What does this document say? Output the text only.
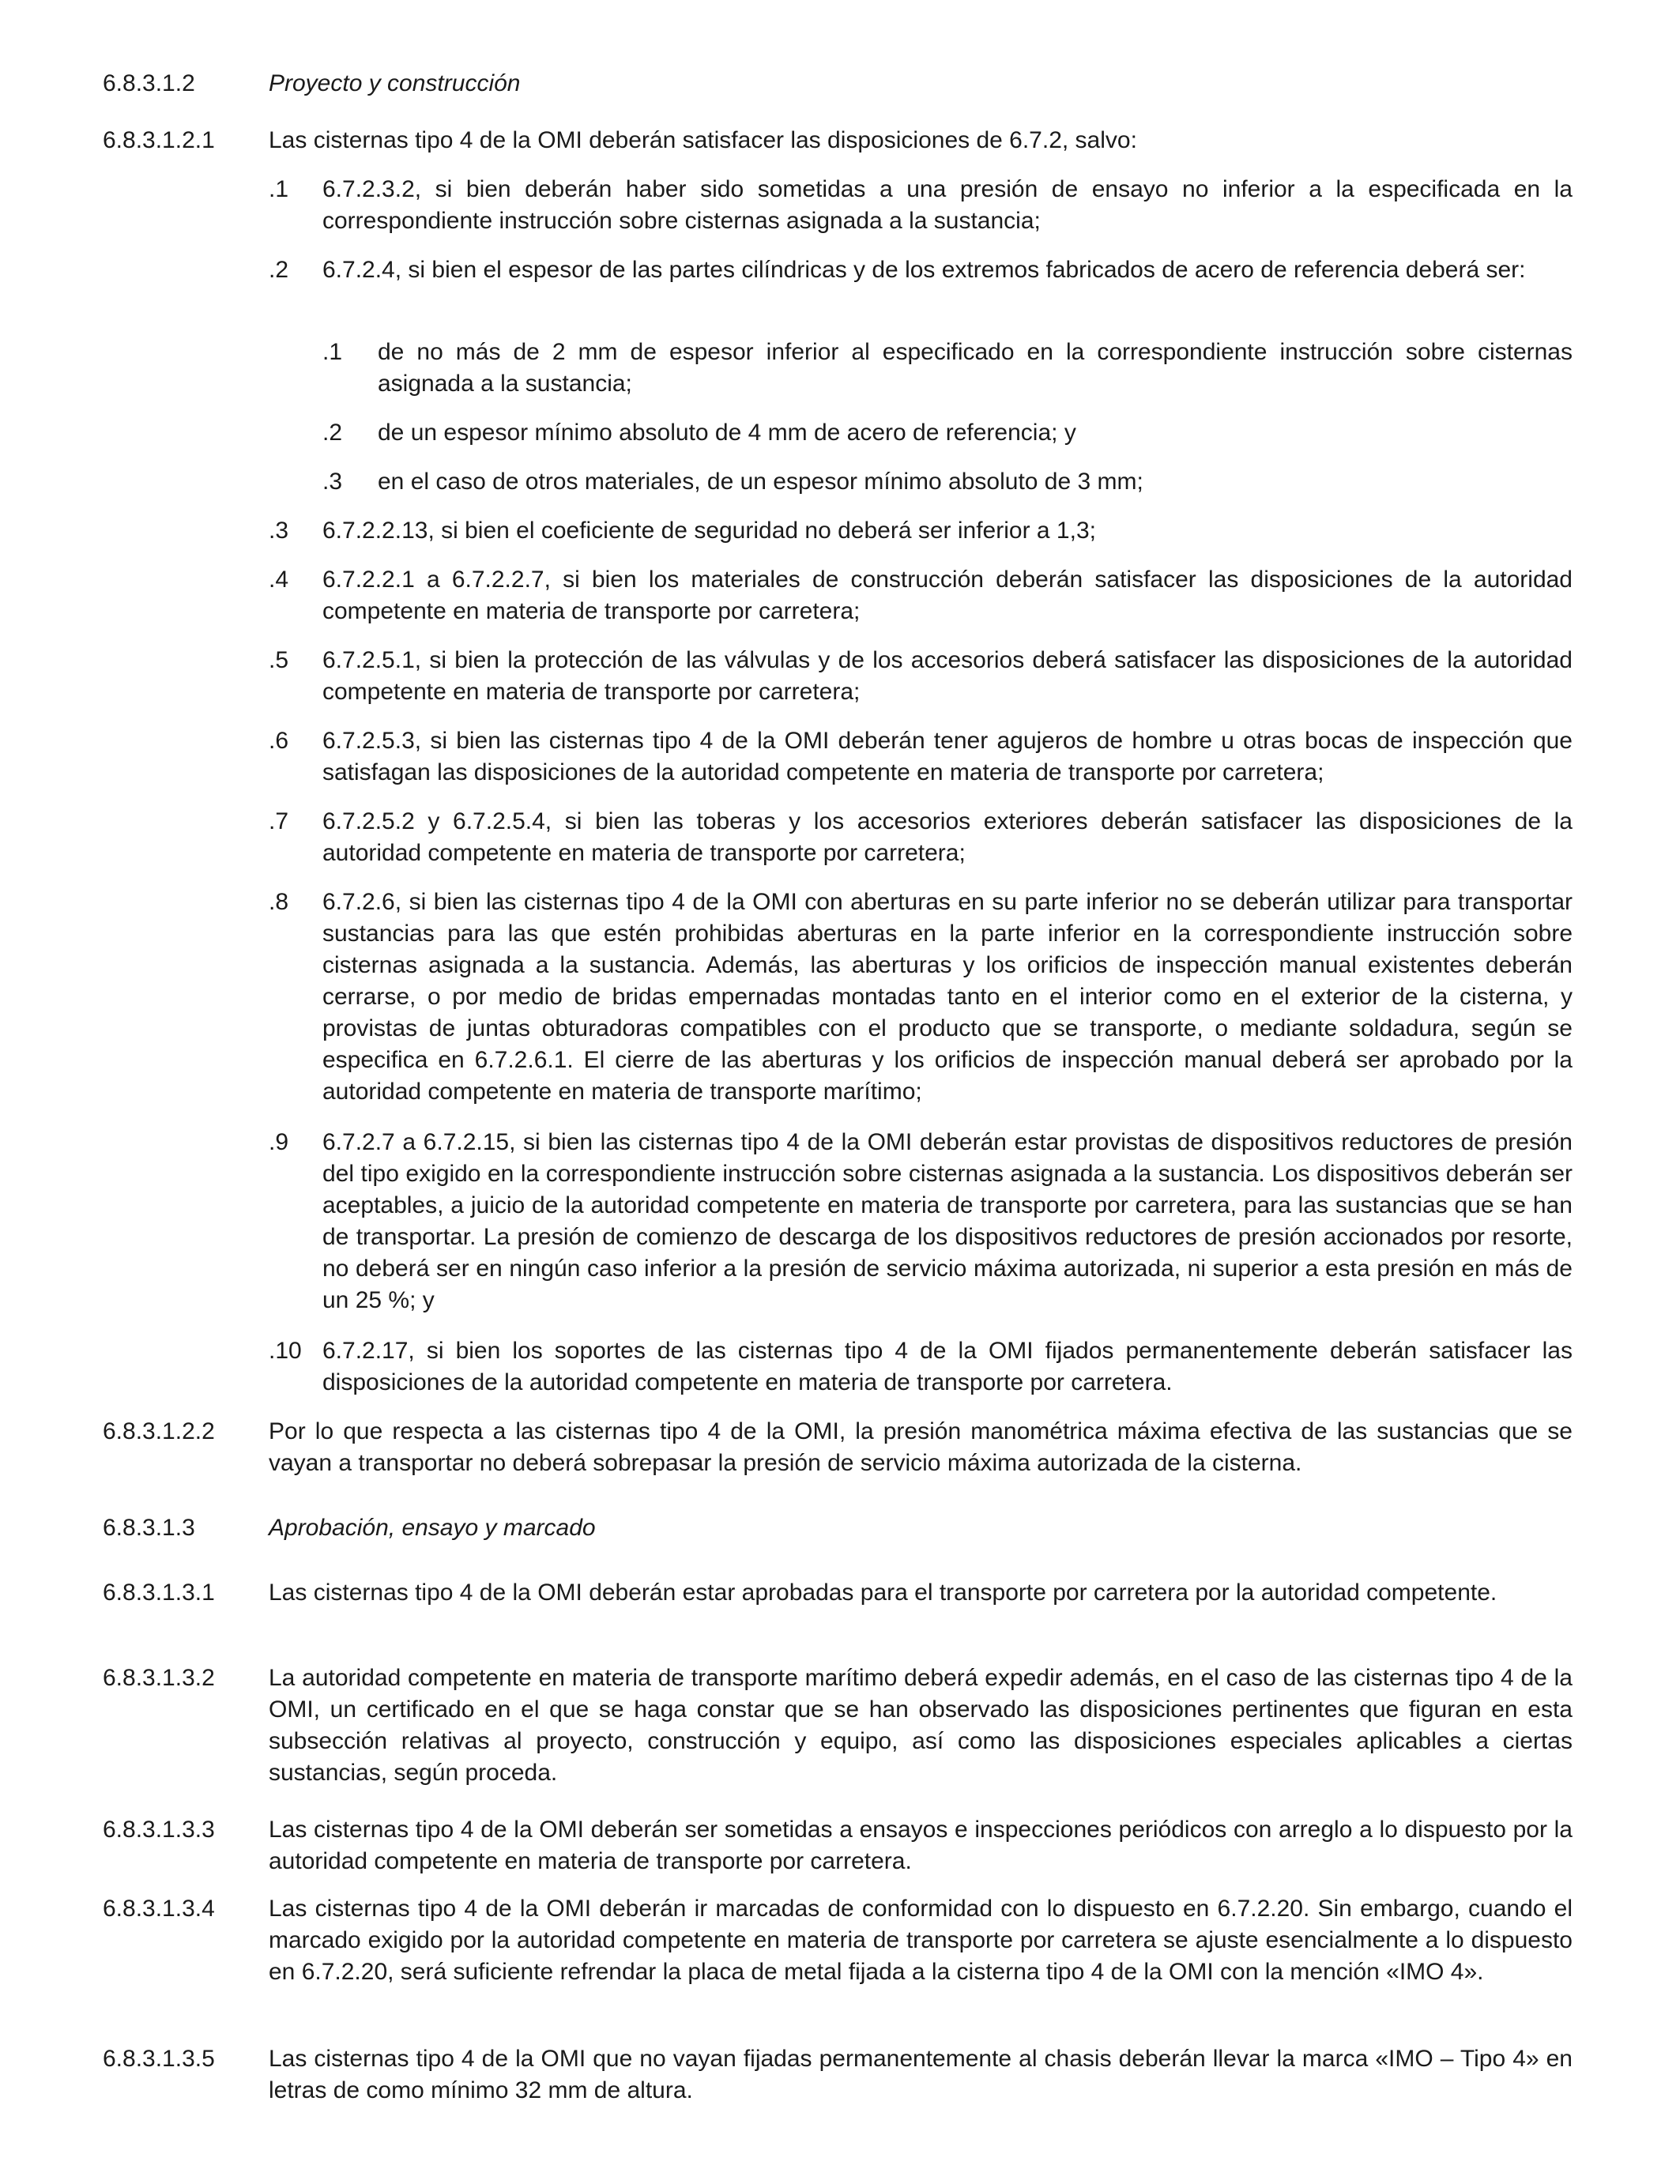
6.8.3.1.2	Proyecto y construcción
6.8.3.1.2.1	Las cisternas tipo 4 de la OMI deberán satisfacer las disposiciones de 6.7.2, salvo:
.1	6.7.2.3.2, si bien deberán haber sido sometidas a una presión de ensayo no inferior a la especificada en la correspondiente instrucción sobre cisternas asignada a la sustancia;
.2	6.7.2.4, si bien el espesor de las partes cilíndricas y de los extremos fabricados de acero de referencia deberá ser:
.1	de no más de 2 mm de espesor inferior al especificado en la correspondiente instrucción sobre cisternas asignada a la sustancia;
.2	de un espesor mínimo absoluto de 4 mm de acero de referencia; y
.3	en el caso de otros materiales, de un espesor mínimo absoluto de 3 mm;
.3	6.7.2.2.13, si bien el coeficiente de seguridad no deberá ser inferior a 1,3;
.4	6.7.2.2.1 a 6.7.2.2.7, si bien los materiales de construcción deberán satisfacer las disposiciones de la autoridad competente en materia de transporte por carretera;
.5	6.7.2.5.1, si bien la protección de las válvulas y de los accesorios deberá satisfacer las disposiciones de la autoridad competente en materia de transporte por carretera;
.6	6.7.2.5.3, si bien las cisternas tipo 4 de la OMI deberán tener agujeros de hombre u otras bocas de inspección que satisfagan las disposiciones de la autoridad competente en materia de transporte por carretera;
.7	6.7.2.5.2 y 6.7.2.5.4, si bien las toberas y los accesorios exteriores deberán satisfacer las disposiciones de la autoridad competente en materia de transporte por carretera;
.8	6.7.2.6, si bien las cisternas tipo 4 de la OMI con aberturas en su parte inferior no se deberán utilizar para transportar sustancias para las que estén prohibidas aberturas en la parte inferior en la correspondiente instrucción sobre cisternas asignada a la sustancia. Además, las aberturas y los orificios de inspección manual existentes deberán cerrarse, o por medio de bridas empernadas montadas tanto en el interior como en el exterior de la cisterna, y provistas de juntas obturadoras compatibles con el producto que se transporte, o mediante soldadura, según se especifica en 6.7.2.6.1. El cierre de las aberturas y los orificios de inspección manual deberá ser aprobado por la autoridad competente en materia de transporte marítimo;
.9	6.7.2.7 a 6.7.2.15, si bien las cisternas tipo 4 de la OMI deberán estar provistas de dispositivos reductores de presión del tipo exigido en la correspondiente instrucción sobre cisternas asignada a la sustancia. Los dispositivos deberán ser aceptables, a juicio de la autoridad competente en materia de transporte por carretera, para las sustancias que se han de transportar. La presión de comienzo de descarga de los dispositivos reductores de presión accionados por resorte, no deberá ser en ningún caso inferior a la presión de servicio máxima autorizada, ni superior a esta presión en más de un 25 %; y
.10 6.7.2.17, si bien los soportes de las cisternas tipo 4 de la OMI fijados permanentemente deberán satisfacer las disposiciones de la autoridad competente en materia de transporte por carretera.
6.8.3.1.2.2	Por lo que respecta a las cisternas tipo 4 de la OMI, la presión manométrica máxima efectiva de las sustancias que se vayan a transportar no deberá sobrepasar la presión de servicio máxima autorizada de la cisterna.
6.8.3.1.3	Aprobación, ensayo y marcado
6.8.3.1.3.1	Las cisternas tipo 4 de la OMI deberán estar aprobadas para el transporte por carretera por la autoridad competente.
6.8.3.1.3.2	La autoridad competente en materia de transporte marítimo deberá expedir además, en el caso de las cisternas tipo 4 de la OMI, un certificado en el que se haga constar que se han observado las disposiciones pertinentes que figuran en esta subsección relativas al proyecto, construcción y equipo, así como las disposiciones especiales aplicables a ciertas sustancias, según proceda.
6.8.3.1.3.3	Las cisternas tipo 4 de la OMI deberán ser sometidas a ensayos e inspecciones periódicos con arreglo a lo dispuesto por la autoridad competente en materia de transporte por carretera.
6.8.3.1.3.4	Las cisternas tipo 4 de la OMI deberán ir marcadas de conformidad con lo dispuesto en 6.7.2.20. Sin embargo, cuando el marcado exigido por la autoridad competente en materia de transporte por carretera se ajuste esencialmente a lo dispuesto en 6.7.2.20, será suficiente refrendar la placa de metal fijada a la cisterna tipo 4 de la OMI con la mención «IMO 4».
6.8.3.1.3.5	Las cisternas tipo 4 de la OMI que no vayan fijadas permanentemente al chasis deberán llevar la marca «IMO – Tipo 4» en letras de como mínimo 32 mm de altura.
